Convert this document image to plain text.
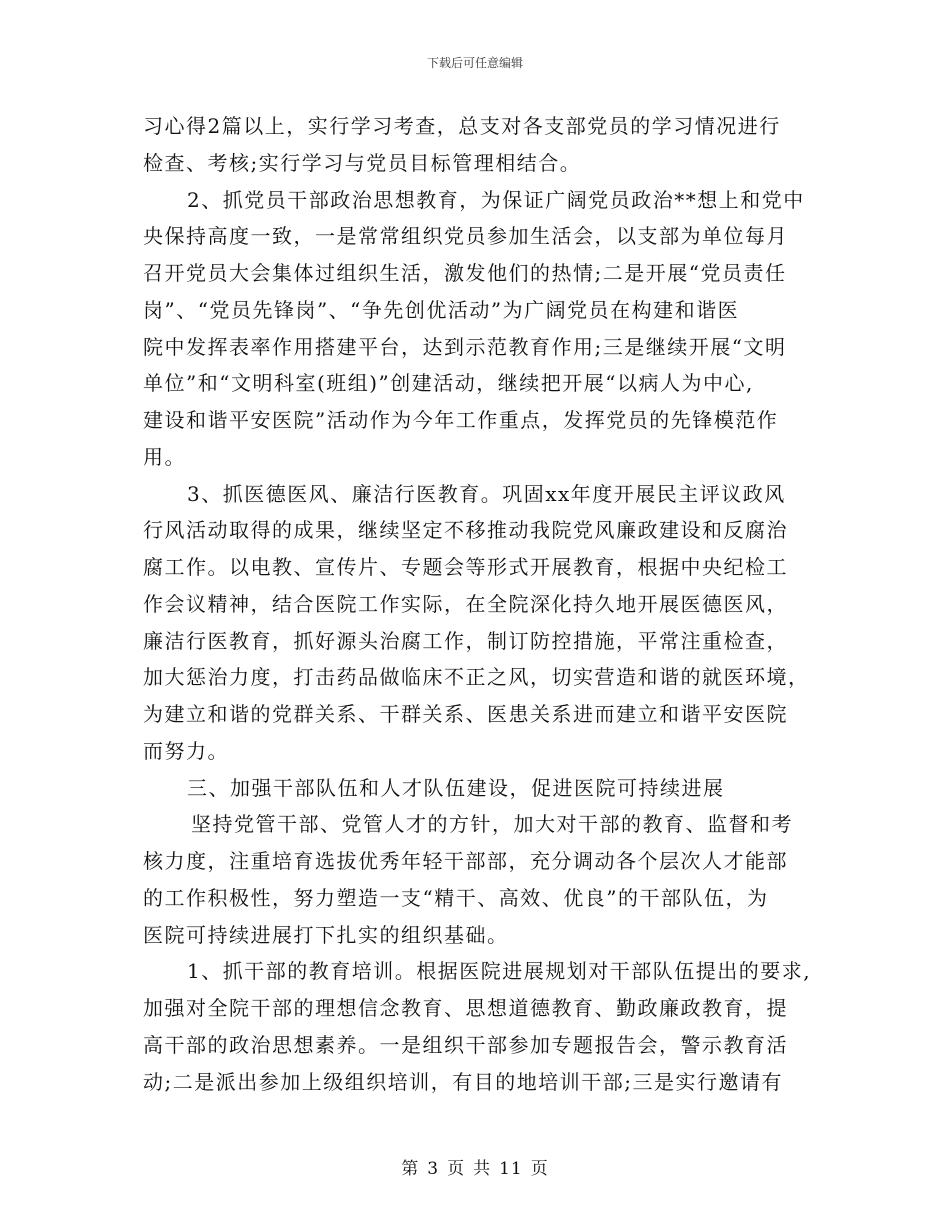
下载后可任意编辑
习心得2篇以上，实行学习考查，总支对各支部党员的学习情况进行
检查、考核;实行学习与党员目标管理相结合。
2、抓党员干部政治思想教育，为保证广阔党员政治**想上和党中
央保持高度一致，一是常常组织党员参加生活会，以支部为单位每月
召开党员大会集体过组织生活，激发他们的热情;二是开展“党员责任
岗”、“党员先锋岗”、“争先创优活动”为广阔党员在构建和谐医
院中发挥表率作用搭建平台，达到示范教育作用;三是继续开展“文明
单位”和“文明科室(班组)”创建活动，继续把开展“以病人为中心,
建设和谐平安医院”活动作为今年工作重点，发挥党员的先锋模范作
用。
3、抓医德医风、廉洁行医教育。巩固xx年度开展民主评议政风
行风活动取得的成果，继续坚定不移推动我院党风廉政建设和反腐治
腐工作。以电教、宣传片、专题会等形式开展教育，根据中央纪检工
作会议精神，结合医院工作实际，在全院深化持久地开展医德医风，
廉洁行医教育，抓好源头治腐工作，制订防控措施，平常注重检查，
加大惩治力度，打击药品做临床不正之风，切实营造和谐的就医环境，
为建立和谐的党群关系、干群关系、医患关系进而建立和谐平安医院
而努力。
三、加强干部队伍和人才队伍建设，促进医院可持续进展
坚持党管干部、党管人才的方针，加大对干部的教育、监督和考
核力度，注重培育选拔优秀年轻干部部，充分调动各个层次人才能部
的工作积极性，努力塑造一支“精干、高效、优良”的干部队伍，为
医院可持续进展打下扎实的组织基础。
1、抓干部的教育培训。根据医院进展规划对干部队伍提出的要求,
加强对全院干部的理想信念教育、思想道德教育、勤政廉政教育，提
高干部的政治思想素养。一是组织干部参加专题报告会，警示教育活
动;二是派出参加上级组织培训，有目的地培训干部;三是实行邀请有
第 3 页 共 11 页
